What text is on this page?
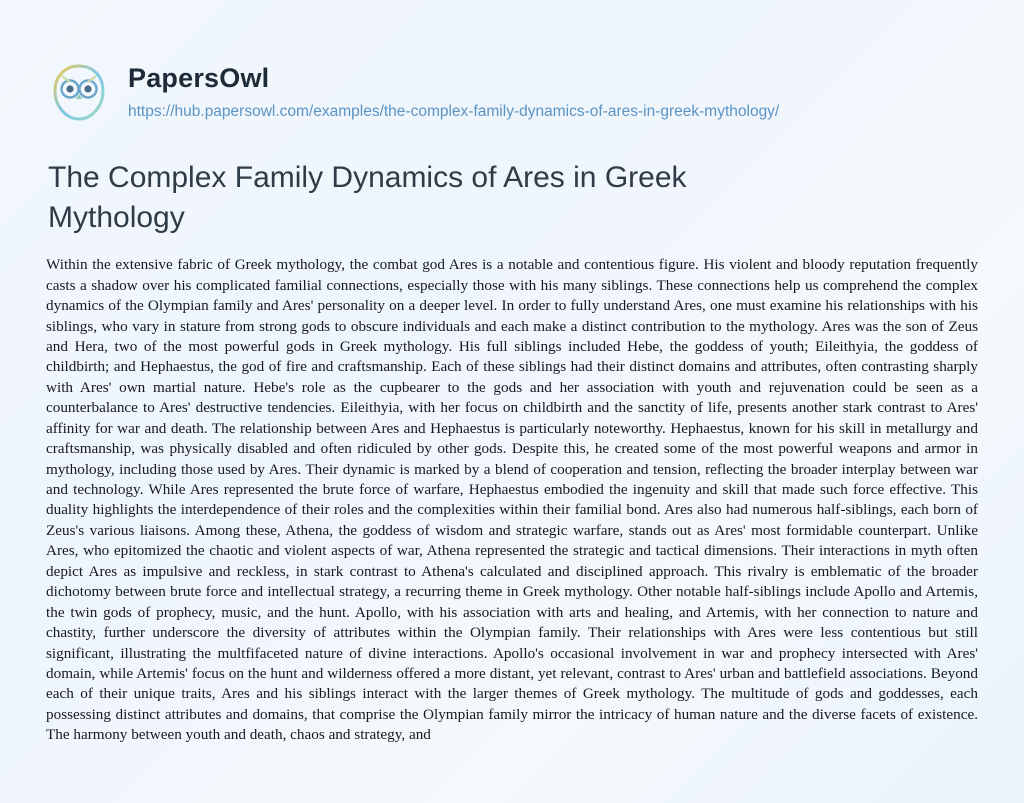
PapersOwl
https://hub.papersowl.com/examples/the-complex-family-dynamics-of-ares-in-greek-mythology/
The Complex Family Dynamics of Ares in Greek Mythology

Within the extensive fabric of Greek mythology, the combat god Ares is a notable and contentious figure. His violent and bloody reputation frequently casts a shadow over his complicated familial connections, especially those with his many siblings. These connections help us comprehend the complex dynamics of the Olympian family and Ares' personality on a deeper level. In order to fully understand Ares, one must examine his relationships with his siblings, who vary in stature from strong gods to obscure individuals and each make a distinct contribution to the mythology. Ares was the son of Zeus and Hera, two of the most powerful gods in Greek mythology. His full siblings included Hebe, the goddess of youth; Eileithyia, the goddess of childbirth; and Hephaestus, the god of fire and craftsmanship. Each of these siblings had their distinct domains and attributes, often contrasting sharply with Ares' own martial nature. Hebe's role as the cupbearer to the gods and her association with youth and rejuvenation could be seen as a counterbalance to Ares' destructive tendencies. Eileithyia, with her focus on childbirth and the sanctity of life, presents another stark contrast to Ares' affinity for war and death. The relationship between Ares and Hephaestus is particularly noteworthy. Hephaestus, known for his skill in metallurgy and craftsmanship, was physically disabled and often ridiculed by other gods. Despite this, he created some of the most powerful weapons and armor in mythology, including those used by Ares. Their dynamic is marked by a blend of cooperation and tension, reflecting the broader interplay between war and technology. While Ares represented the brute force of warfare, Hephaestus embodied the ingenuity and skill that made such force effective. This duality highlights the interdependence of their roles and the complexities within their familial bond. Ares also had numerous half-siblings, each born of Zeus's various liaisons. Among these, Athena, the goddess of wisdom and strategic warfare, stands out as Ares' most formidable counterpart. Unlike Ares, who epitomized the chaotic and violent aspects of war, Athena represented the strategic and tactical dimensions. Their interactions in myth often depict Ares as impulsive and reckless, in stark contrast to Athena's calculated and disciplined approach. This rivalry is emblematic of the broader dichotomy between brute force and intellectual strategy, a recurring theme in Greek mythology. Other notable half-siblings include Apollo and Artemis, the twin gods of prophecy, music, and the hunt. Apollo, with his association with arts and healing, and Artemis, with her connection to nature and chastity, further underscore the diversity of attributes within the Olympian family. Their relationships with Ares were less contentious but still significant, illustrating the multfifaceted nature of divine interactions. Apollo's occasional involvement in war and prophecy intersected with Ares' domain, while Artemis' focus on the hunt and wilderness offered a more distant, yet relevant, contrast to Ares' urban and battlefield associations. Beyond each of their unique traits, Ares and his siblings interact with the larger themes of Greek mythology. The multitude of gods and goddesses, each possessing distinct attributes and domains, that comprise the Olympian family mirror the intricacy of human nature and the diverse facets of existence. The harmony between youth and death, chaos and strategy, and
